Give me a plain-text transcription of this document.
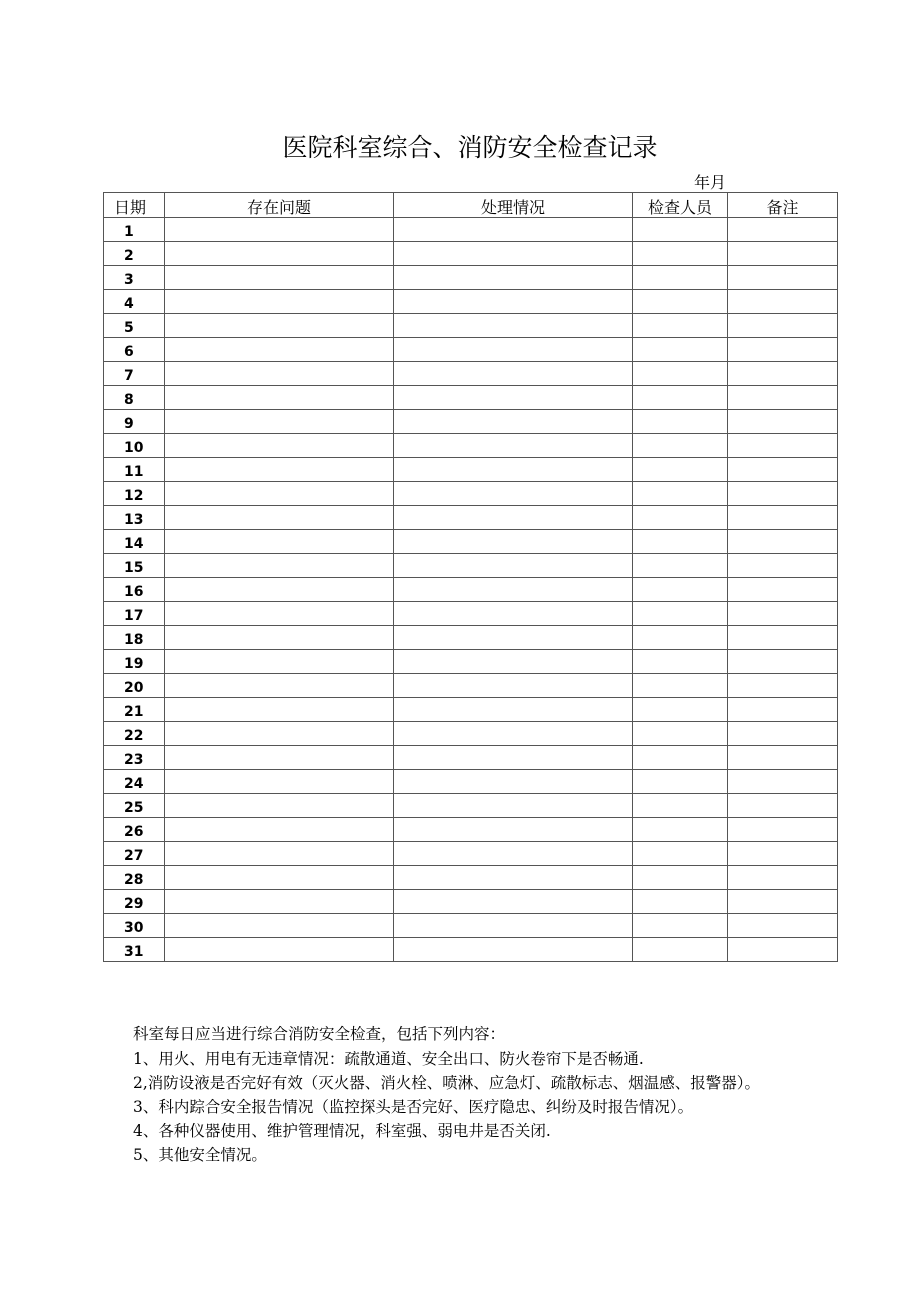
医院科室综合、消防安全检查记录
年月
日期	存在问题	处理情况	检查人员	备注
1				
2				
3				
4				
5				
6				
7				
8				
9				
10				
11				
12				
13				
14				
15				
16				
17				
18				
19				
20				
21				
22				
23				
24				
25				
26				
27				
28				
29				
30				
31				

科室每日应当进行综合消防安全检查，包括下列内容：

1、用火、用电有无违章情况：疏散通道、安全出口、防火卷帘下是否畅通.

2,消防设液是否完好有效（灭火器、消火栓、喷淋、应急灯、疏散标志、烟温感、报警器）。

3、科内踪合安全报告情况（监控探头是否完好、医疗隐忠、纠纷及时报告情况）。

4、各种仪器使用、维护管理情况，科室强、弱电井是否关闭.

5、其他安全情况。
